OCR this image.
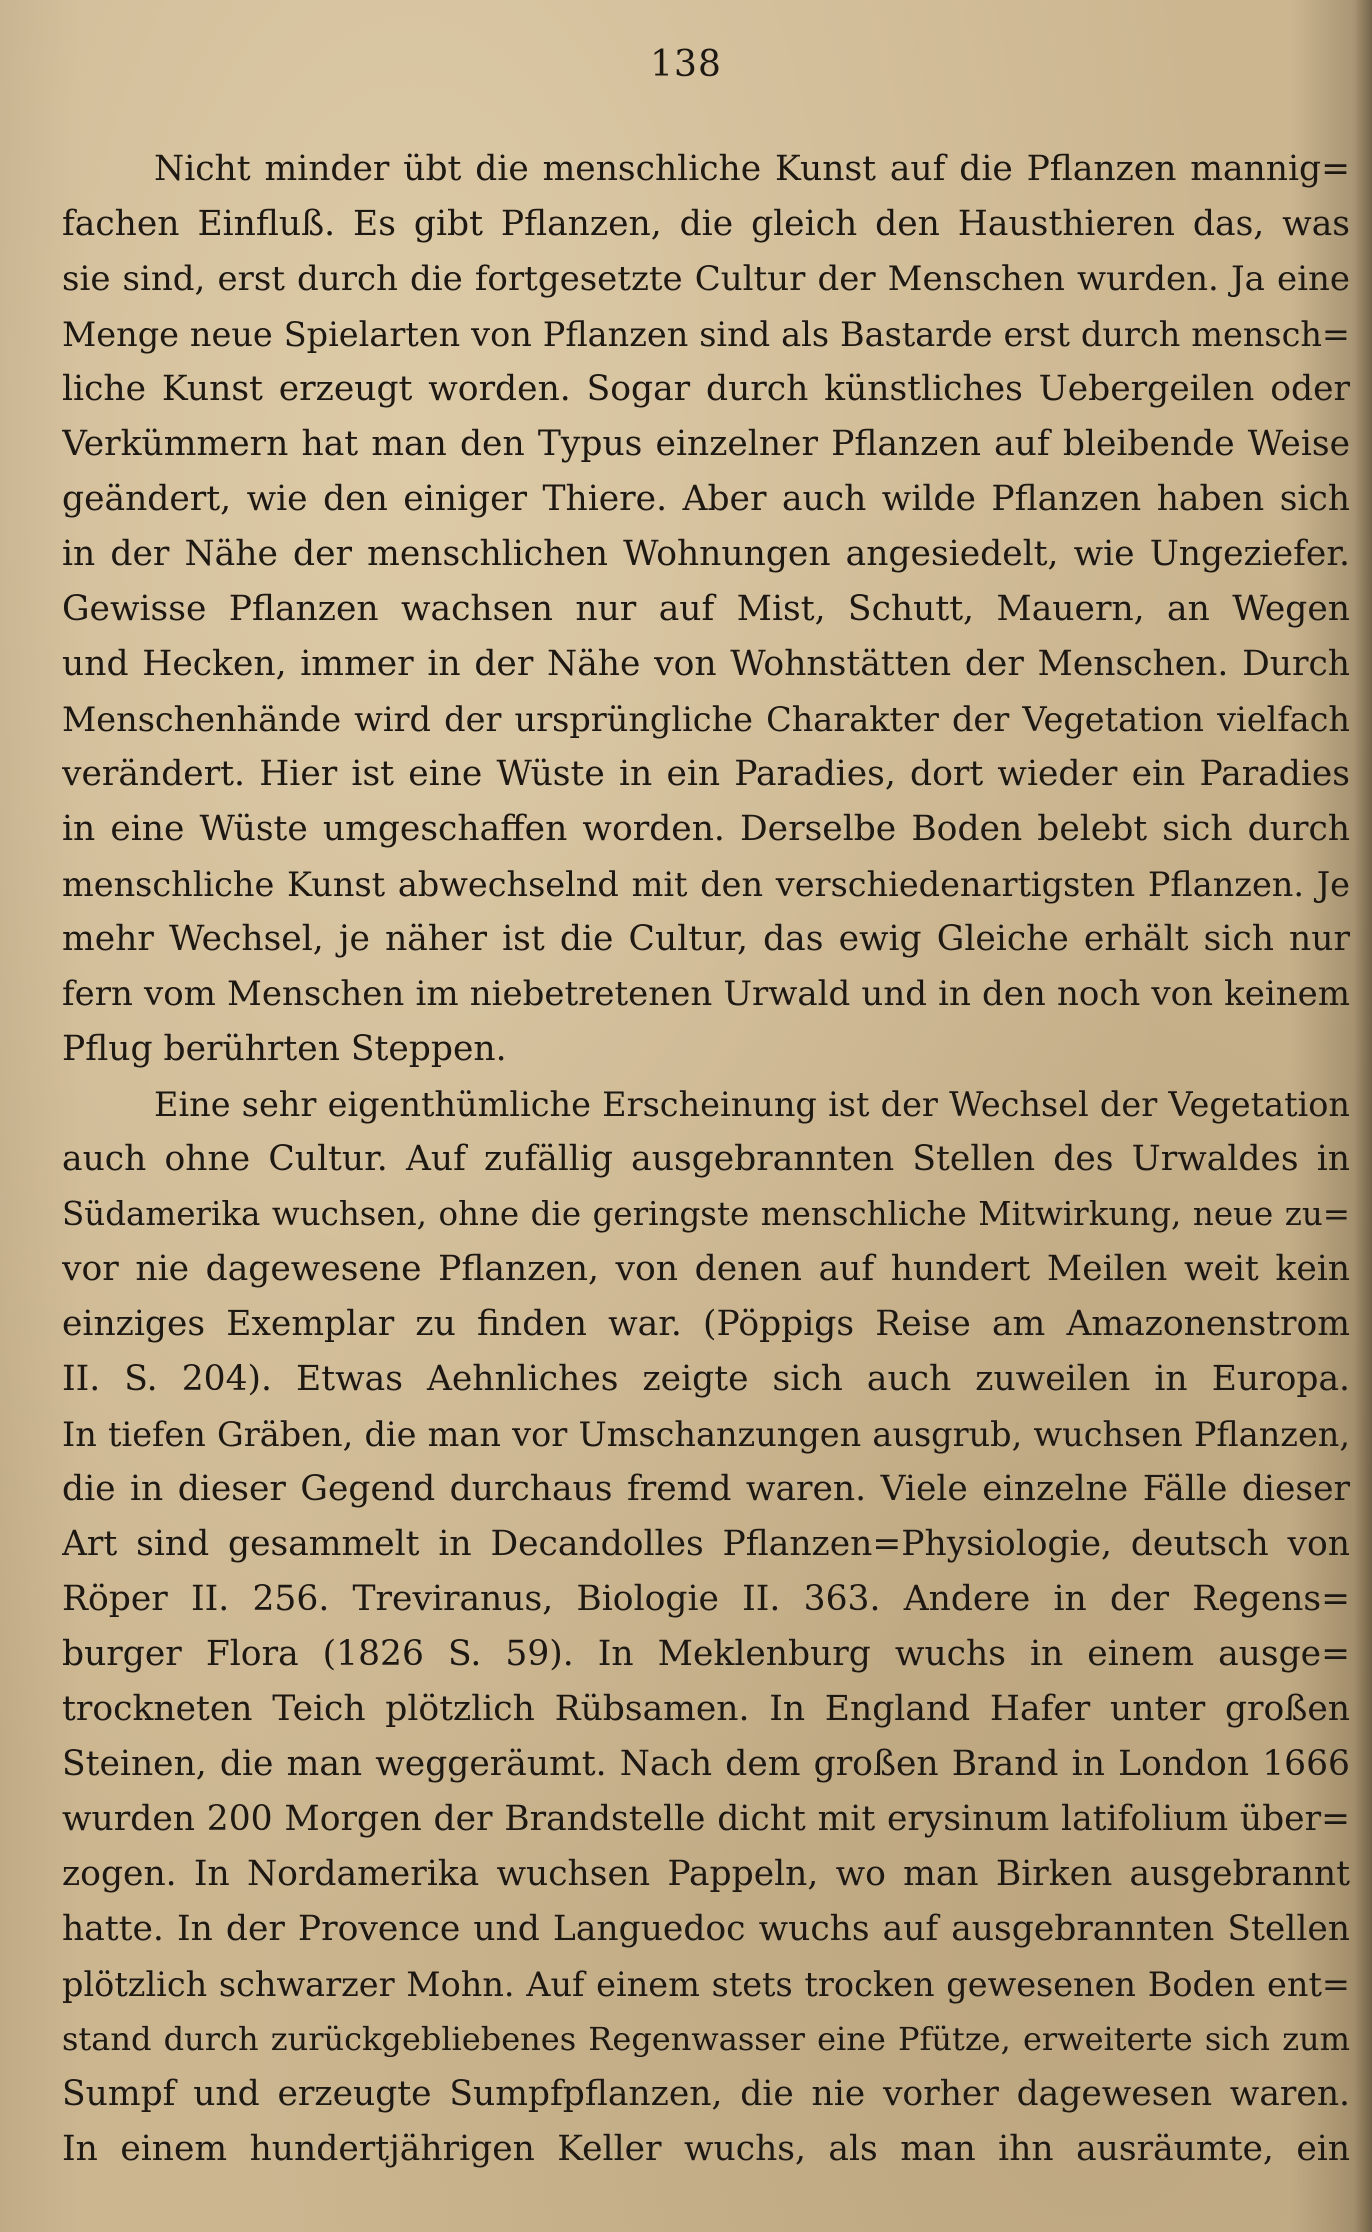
138
Nicht minder übt die menschliche Kunst auf die Pflanzen mannig=
fachen Einfluß. Es gibt Pflanzen, die gleich den Hausthieren das, was
sie sind, erst durch die fortgesetzte Cultur der Menschen wurden. Ja eine
Menge neue Spielarten von Pflanzen sind als Bastarde erst durch mensch=
liche Kunst erzeugt worden. Sogar durch künstliches Uebergeilen oder
Verkümmern hat man den Typus einzelner Pflanzen auf bleibende Weise
geändert, wie den einiger Thiere. Aber auch wilde Pflanzen haben sich
in der Nähe der menschlichen Wohnungen angesiedelt, wie Ungeziefer.
Gewisse Pflanzen wachsen nur auf Mist, Schutt, Mauern, an Wegen
und Hecken, immer in der Nähe von Wohnstätten der Menschen. Durch
Menschenhände wird der ursprüngliche Charakter der Vegetation vielfach
verändert. Hier ist eine Wüste in ein Paradies, dort wieder ein Paradies
in eine Wüste umgeschaffen worden. Derselbe Boden belebt sich durch
menschliche Kunst abwechselnd mit den verschiedenartigsten Pflanzen. Je
mehr Wechsel, je näher ist die Cultur, das ewig Gleiche erhält sich nur
fern vom Menschen im niebetretenen Urwald und in den noch von keinem
Pflug berührten Steppen.
Eine sehr eigenthümliche Erscheinung ist der Wechsel der Vegetation
auch ohne Cultur. Auf zufällig ausgebrannten Stellen des Urwaldes in
Südamerika wuchsen, ohne die geringste menschliche Mitwirkung, neue zu=
vor nie dagewesene Pflanzen, von denen auf hundert Meilen weit kein
einziges Exemplar zu finden war. (Pöppigs Reise am Amazonenstrom
II. S. 204). Etwas Aehnliches zeigte sich auch zuweilen in Europa.
In tiefen Gräben, die man vor Umschanzungen ausgrub, wuchsen Pflanzen,
die in dieser Gegend durchaus fremd waren. Viele einzelne Fälle dieser
Art sind gesammelt in Decandolles Pflanzen=Physiologie, deutsch von
Röper II. 256. Treviranus, Biologie II. 363. Andere in der Regens=
burger Flora (1826 S. 59). In Meklenburg wuchs in einem ausge=
trockneten Teich plötzlich Rübsamen. In England Hafer unter großen
Steinen, die man weggeräumt. Nach dem großen Brand in London 1666
wurden 200 Morgen der Brandstelle dicht mit erysinum latifolium über=
zogen. In Nordamerika wuchsen Pappeln, wo man Birken ausgebrannt
hatte. In der Provence und Languedoc wuchs auf ausgebrannten Stellen
plötzlich schwarzer Mohn. Auf einem stets trocken gewesenen Boden ent=
stand durch zurückgebliebenes Regenwasser eine Pfütze, erweiterte sich zum
Sumpf und erzeugte Sumpfpflanzen, die nie vorher dagewesen waren.
In einem hundertjährigen Keller wuchs, als man ihn ausräumte, ein
